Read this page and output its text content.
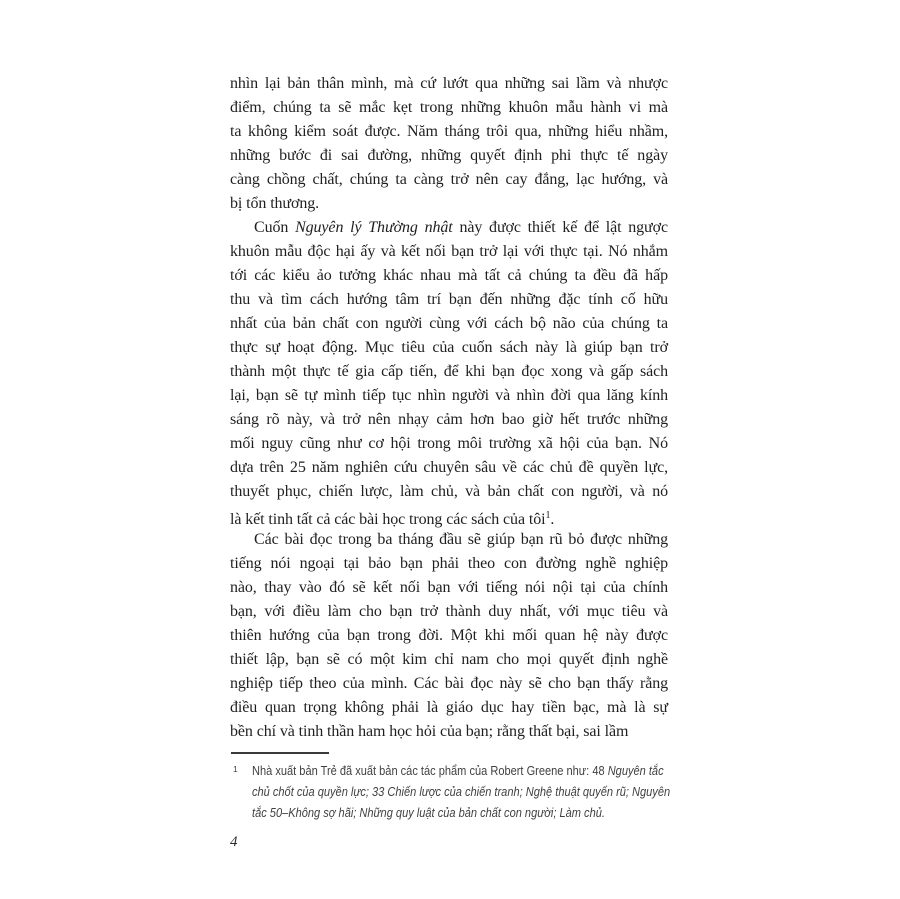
nhìn lại bản thân mình, mà cứ lướt qua những sai lầm và nhược
điểm, chúng ta sẽ mắc kẹt trong những khuôn mẫu hành vi mà
ta không kiểm soát được. Năm tháng trôi qua, những hiểu nhầm,
những bước đi sai đường, những quyết định phi thực tế ngày
càng chồng chất, chúng ta càng trở nên cay đắng, lạc hướng, và
bị tổn thương.
Cuốn Nguyên lý Thường nhật này được thiết kế để lật ngược
khuôn mẫu độc hại ấy và kết nối bạn trở lại với thực tại. Nó nhắm
tới các kiểu ảo tưởng khác nhau mà tất cả chúng ta đều đã hấp
thu và tìm cách hướng tâm trí bạn đến những đặc tính cố hữu
nhất của bản chất con người cùng với cách bộ não của chúng ta
thực sự hoạt động. Mục tiêu của cuốn sách này là giúp bạn trở
thành một thực tế gia cấp tiến, để khi bạn đọc xong và gấp sách
lại, bạn sẽ tự mình tiếp tục nhìn người và nhìn đời qua lăng kính
sáng rõ này, và trở nên nhạy cảm hơn bao giờ hết trước những
mối nguy cũng như cơ hội trong môi trường xã hội của bạn. Nó
dựa trên 25 năm nghiên cứu chuyên sâu về các chủ đề quyền lực,
thuyết phục, chiến lược, làm chủ, và bản chất con người, và nó
là kết tinh tất cả các bài học trong các sách của tôi$^1$.
Các bài đọc trong ba tháng đầu sẽ giúp bạn rũ bỏ được những
tiếng nói ngoại tại bảo bạn phải theo con đường nghề nghiệp
nào, thay vào đó sẽ kết nối bạn với tiếng nói nội tại của chính
bạn, với điều làm cho bạn trở thành duy nhất, với mục tiêu và
thiên hướng của bạn trong đời. Một khi mối quan hệ này được
thiết lập, bạn sẽ có một kim chỉ nam cho mọi quyết định nghề
nghiệp tiếp theo của mình. Các bài đọc này sẽ cho bạn thấy rằng
điều quan trọng không phải là giáo dục hay tiền bạc, mà là sự
bền chí và tinh thần ham học hỏi của bạn; rằng thất bại, sai lầm
1	Nhà xuất bản Trẻ đã xuất bản các tác phẩm của Robert Greene như: 48 Nguyên tắc
chủ chốt của quyền lực; 33 Chiến lược của chiến tranh; Nghệ thuật quyến rũ; Nguyên
tắc 50–Không sợ hãi; Những quy luật của bản chất con người; Làm chủ.
4
